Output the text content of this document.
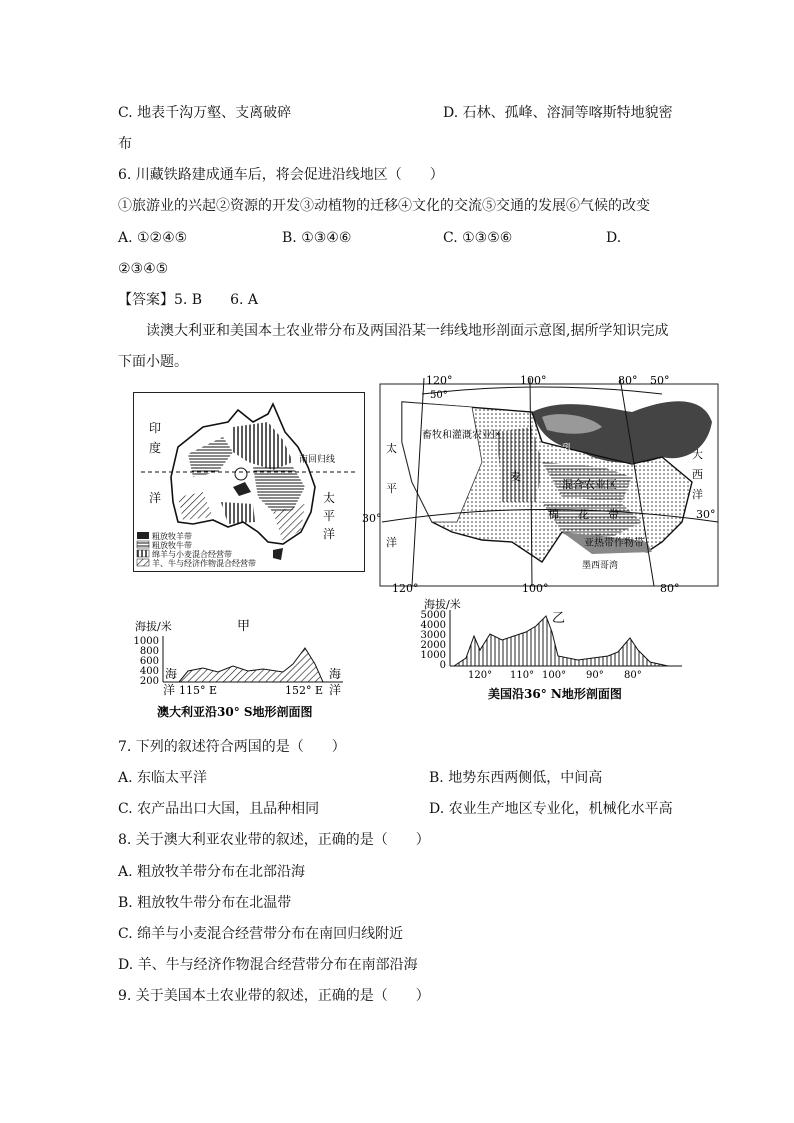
C. 地表千沟万壑、支离破碎	D. 石林、孤峰、溶洞等喀斯特地貌密
布
6. 川藏铁路建成通车后，将会促进沿线地区（　　）
①旅游业的兴起②资源的开发③动植物的迁移④文化的交流⑤交通的发展⑥气候的改变
A. ①②④⑤	B. ①③④⑥	C. ①③⑤⑥	D.
②③④⑤
【答案】5. B　　6. A
读澳大利亚和美国本土农业带分布及两国沿某一纬线地形剖面示意图,据所学知识完成
下面小题。
印
度
洋	太
平
洋
南回归线
粗放牧羊带
粗放牧牛带
绵羊与小麦混合经营带
羊、牛与经济作物混合经营带
120°	100°	80° 50°
50°
120°	100°	80°
30°	30°
太
平
洋
大
西
洋
畜牧和灌溉农业区
混合农业区
乳
麦
棉 花 带
亚热带作物带
墨西哥湾
海拔/米	甲
1000
800
600
400
200
海
洋
海
洋
115° E	152° E
澳大利亚沿30° S地形剖面图
海拔/米
乙
5000
4000
3000
2000
1000
0
120° 110° 100° 90° 80°
美国沿36° N地形剖面图
7. 下列的叙述符合两国的是（　　）
A. 东临太平洋	B. 地势东西两侧低，中间高
C. 农产品出口大国，且品种相同	D. 农业生产地区专业化，机械化水平高
8. 关于澳大利亚农业带的叙述，正确的是（　　）
A. 粗放牧羊带分布在北部沿海
B. 粗放牧牛带分布在北温带
C. 绵羊与小麦混合经营带分布在南回归线附近
D. 羊、牛与经济作物混合经营带分布在南部沿海
9. 关于美国本土农业带的叙述，正确的是（　　）
